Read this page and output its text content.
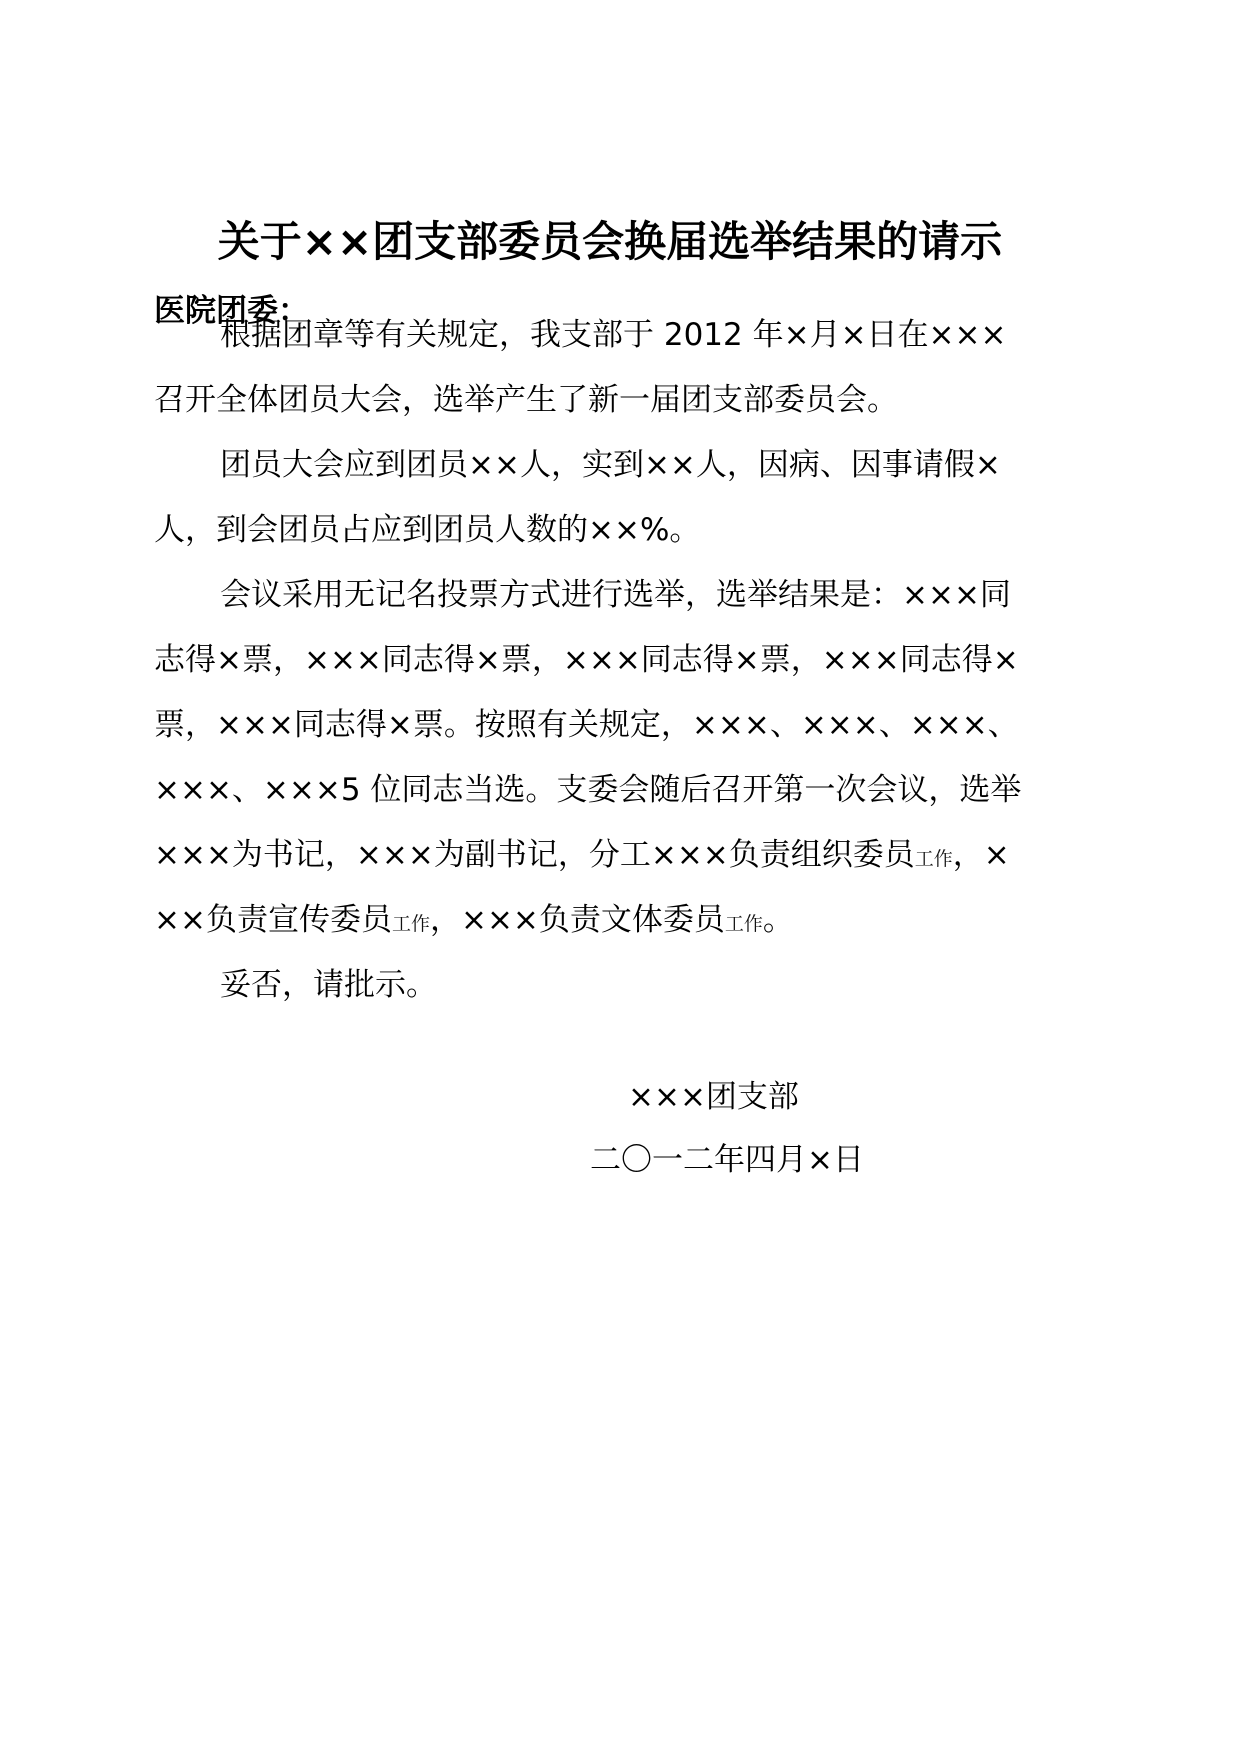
关于××团支部委员会换届选举结果的请示
医院团委：
根据团章等有关规定，我支部于 2012 年×月×日在×××
召开全体团员大会，选举产生了新一届团支部委员会。
团员大会应到团员××人，实到××人，因病、因事请假×
人，到会团员占应到团员人数的××%。
会议采用无记名投票方式进行选举，选举结果是：×××同
志得×票，×××同志得×票，×××同志得×票，×××同志得×
票，×××同志得×票。按照有关规定，×××、×××、×××、
×××、×××5 位同志当选。支委会随后召开第一次会议，选举
×××为书记，×××为副书记，分工×××负责组织委员工作，×
××负责宣传委员工作，×××负责文体委员工作。
妥否，请批示。
×××团支部
二〇一二年四月×日
